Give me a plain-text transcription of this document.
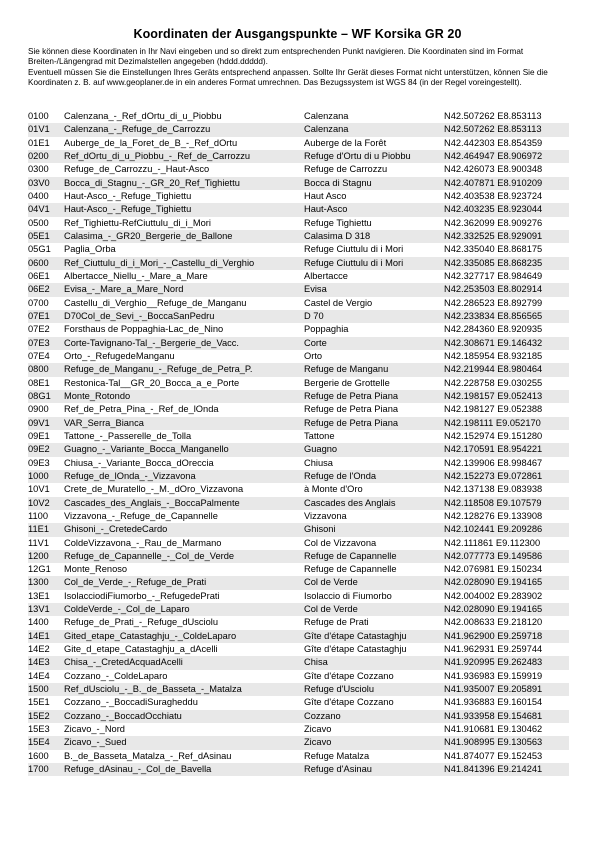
Koordinaten der Ausgangspunkte – WF Korsika GR 20

Sie können diese Koordinaten in Ihr Navi eingeben und so direkt zum entsprechenden Punkt navigieren. Die Koordinaten sind im Format Breiten-/Längengrad mit Dezimalstellen angegeben (hddd.ddddd).

Eventuell müssen Sie die Einstellungen Ihres Geräts entsprechend anpassen. Sollte Ihr Gerät dieses Format nicht unterstützen, können Sie die Koordinaten z. B. auf www.geoplaner.de in ein anderes Format umrechnen. Das Bezugssystem ist WGS 84 (in der Regel voreingestellt).

0100	Calenzana_-_Ref_dOrtu_di_u_Piobbu	Calenzana	N42.507262 E8.853113
01V1	Calenzana_-_Refuge_de_Carrozzu	Calenzana	N42.507262 E8.853113
01E1	Auberge_de_la_Foret_de_B_-_Ref_dOrtu	Auberge de la Forêt	N42.442303 E8.854359
0200	Ref_dOrtu_di_u_Piobbu_-_Ref_de_Carrozzu	Refuge d'Ortu di u Piobbu	N42.464947 E8.906972
0300	Refuge_de_Carrozzu_-_Haut-Asco	Refuge de Carrozzu	N42.426073 E8.900348
03V0	Bocca_di_Stagnu_-_GR_20_Ref_Tighiettu	Bocca di Stagnu	N42.407871 E8.910209
0400	Haut-Asco_-_Refuge_Tighiettu	Haut Asco	N42.403538 E8.923724
04V1	Haut-Asco_-_Refuge_Tighiettu	Haut-Asco	N42.403235 E8.923044
0500	Ref_Tighiettu-RefCiuttulu_di_i_Mori	Refuge Tighiettu	N42.362099 E8.909276
05E1	Calasima_-_GR20_Bergerie_de_Ballone	Calasima D 318	N42.332525 E8.929091
05G1	Paglia_Orba	Refuge Ciuttulu di i Mori	N42.335040 E8.868175
0600	Ref_Ciuttulu_di_i_Mori_-_Castellu_di_Verghio	Refuge Ciuttulu di i Mori	N42.335085 E8.868235
06E1	Albertacce_Niellu_-_Mare_a_Mare	Albertacce	N42.327717 E8.984649
06E2	Evisa_-_Mare_a_Mare_Nord	Evisa	N42.253503 E8.802914
0700	Castellu_di_Verghio__Refuge_de_Manganu	Castel de Vergio	N42.286523 E8.892799
07E1	D70Col_de_Sevi_-_BoccaSanPedru	D 70	N42.233834 E8.856565
07E2	Forsthaus de Poppaghia-Lac_de_Nino	Poppaghia	N42.284360 E8.920935
07E3	Corte-Tavignano-Tal_-_Bergerie_de_Vacc.	Corte	N42.308671 E9.146432
07E4	Orto_-_RefugedeManganu	Orto	N42.185954 E8.932185
0800	Refuge_de_Manganu_-_Refuge_de_Petra_P.	Refuge de Manganu	N42.219944 E8.980464
08E1	Restonica-Tal__GR_20_Bocca_a_e_Porte	Bergerie de Grottelle	N42.228758 E9.030255
08G1	Monte_Rotondo	Refuge de Petra Piana	N42.198157 E9.052413
0900	Ref_de_Petra_Pina_-_Ref_de_lOnda	Refuge de Petra Piana	N42.198127 E9.052388
09V1	VAR_Serra_Bianca	Refuge de Petra Piana	N42.198111 E9.052170
09E1	Tattone_-_Passerelle_de_Tolla	Tattone	N42.152974 E9.151280
09E2	Guagno_-_Variante_Bocca_Manganello	Guagno	N42.170591 E8.954221
09E3	Chiusa_-_Variante_Bocca_dOreccia	Chiusa	N42.139906 E8.998467
1000	Refuge_de_lOnda_-_Vizzavona	Refuge de l'Onda	N42.152273 E9.072861
10V1	Crete_de_Muratello_-_M._dOro_Vizzavona	à Monte d'Oro	N42.137138 E9.083938
10V2	Cascades_des_Anglais_-_BoccaPalmente	Cascades des Anglais	N42.118508 E9.107579
1100	Vizzavona_-_Refuge_de_Capannelle	Vizzavona	N42.128276 E9.133908
11E1	Ghisoni_-_CretedeCardo	Ghisoni	N42.102441 E9.209286
11V1	ColdeVizzavona_-_Rau_de_Marmano	Col de Vizzavona	N42.111861 E9.112300
1200	Refuge_de_Capannelle_-_Col_de_Verde	Refuge de Capannelle	N42.077773 E9.149586
12G1	Monte_Renoso	Refuge de Capannelle	N42.076981 E9.150234
1300	Col_de_Verde_-_Refuge_de_Prati	Col de Verde	N42.028090 E9.194165
13E1	IsolacciodiFiumorbo_-_RefugedePrati	Isolaccio di Fiumorbo	N42.004002 E9.283902
13V1	ColdeVerde_-_Col_de_Laparo	Col de Verde	N42.028090 E9.194165
1400	Refuge_de_Prati_-_Refuge_dUsciolu	Refuge de Prati	N42.008633 E9.218120
14E1	Gited_etape_Catastaghju_-_ColdeLaparo	Gîte d'étape Catastaghju	N41.962900 E9.259718
14E2	Gite_d_etape_Catastaghju_a_dAcelli	Gîte d'étape Catastaghju	N41.962931 E9.259744
14E3	Chisa_-_CretedAcquadAcelli	Chisa	N41.920995 E9.262483
14E4	Cozzano_-_ColdeLaparo	Gîte d'étape Cozzano	N41.936983 E9.159919
1500	Ref_dUsciolu_-_B._de_Basseta_-_Matalza	Refuge d'Usciolu	N41.935007 E9.205891
15E1	Cozzano_-_BoccadiSuragheddu	Gîte d'étape Cozzano	N41.936883 E9.160154
15E2	Cozzano_-_BoccadOcchiatu	Cozzano	N41.933958 E9.154681
15E3	Zicavo_-_Nord	Zicavo	N41.910681 E9.130462
15E4	Zicavo_-_Sued	Zicavo	N41.908995 E9.130563
1600	B._de_Basseta_Matalza_-_Ref_dAsinau	Refuge Matalza	N41.874077 E9.152453
1700	Refuge_dAsinau_-_Col_de_Bavella	Refuge d'Asinau	N41.841396 E9.214241
